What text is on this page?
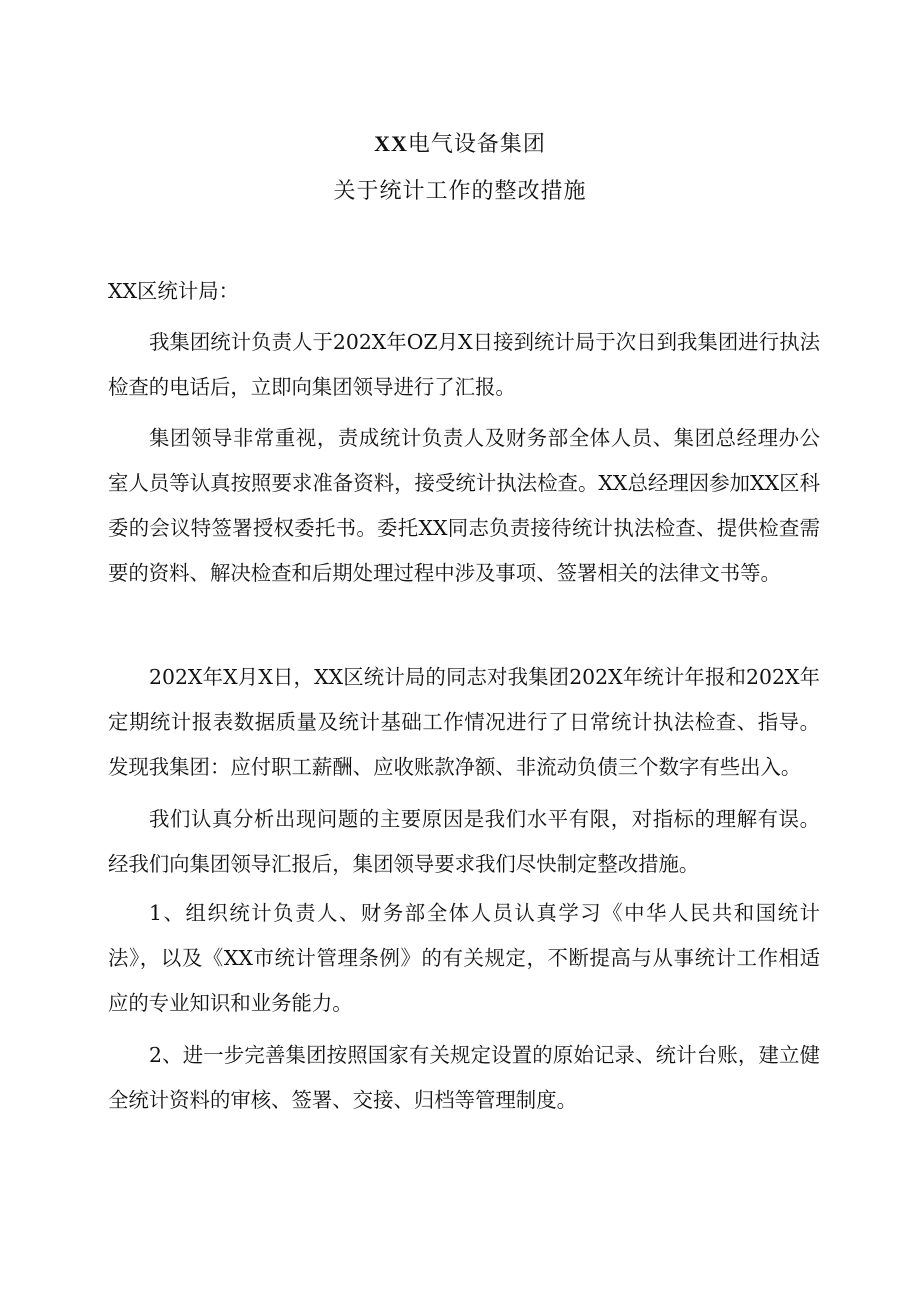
XX电气设备集团
关于统计工作的整改措施

XX区统计局：

我集团统计负责人于202X年OZ月X日接到统计局于次日到我集团进行执法检查的电话后，立即向集团领导进行了汇报。

集团领导非常重视，责成统计负责人及财务部全体人员、集团总经理办公室人员等认真按照要求准备资料，接受统计执法检查。XX总经理因参加XX区科委的会议特签署授权委托书。委托XX同志负责接待统计执法检查、提供检查需要的资料、解决检查和后期处理过程中涉及事项、签署相关的法律文书等。

202X年X月X日，XX区统计局的同志对我集团202X年统计年报和202X年定期统计报表数据质量及统计基础工作情况进行了日常统计执法检查、指导。发现我集团：应付职工薪酬、应收账款净额、非流动负债三个数字有些出入。

我们认真分析出现问题的主要原因是我们水平有限，对指标的理解有误。经我们向集团领导汇报后，集团领导要求我们尽快制定整改措施。

1、组织统计负责人、财务部全体人员认真学习《中华人民共和国统计法》，以及《XX市统计管理条例》的有关规定，不断提高与从事统计工作相适应的专业知识和业务能力。

2、进一步完善集团按照国家有关规定设置的原始记录、统计台账，建立健全统计资料的审核、签署、交接、归档等管理制度。
